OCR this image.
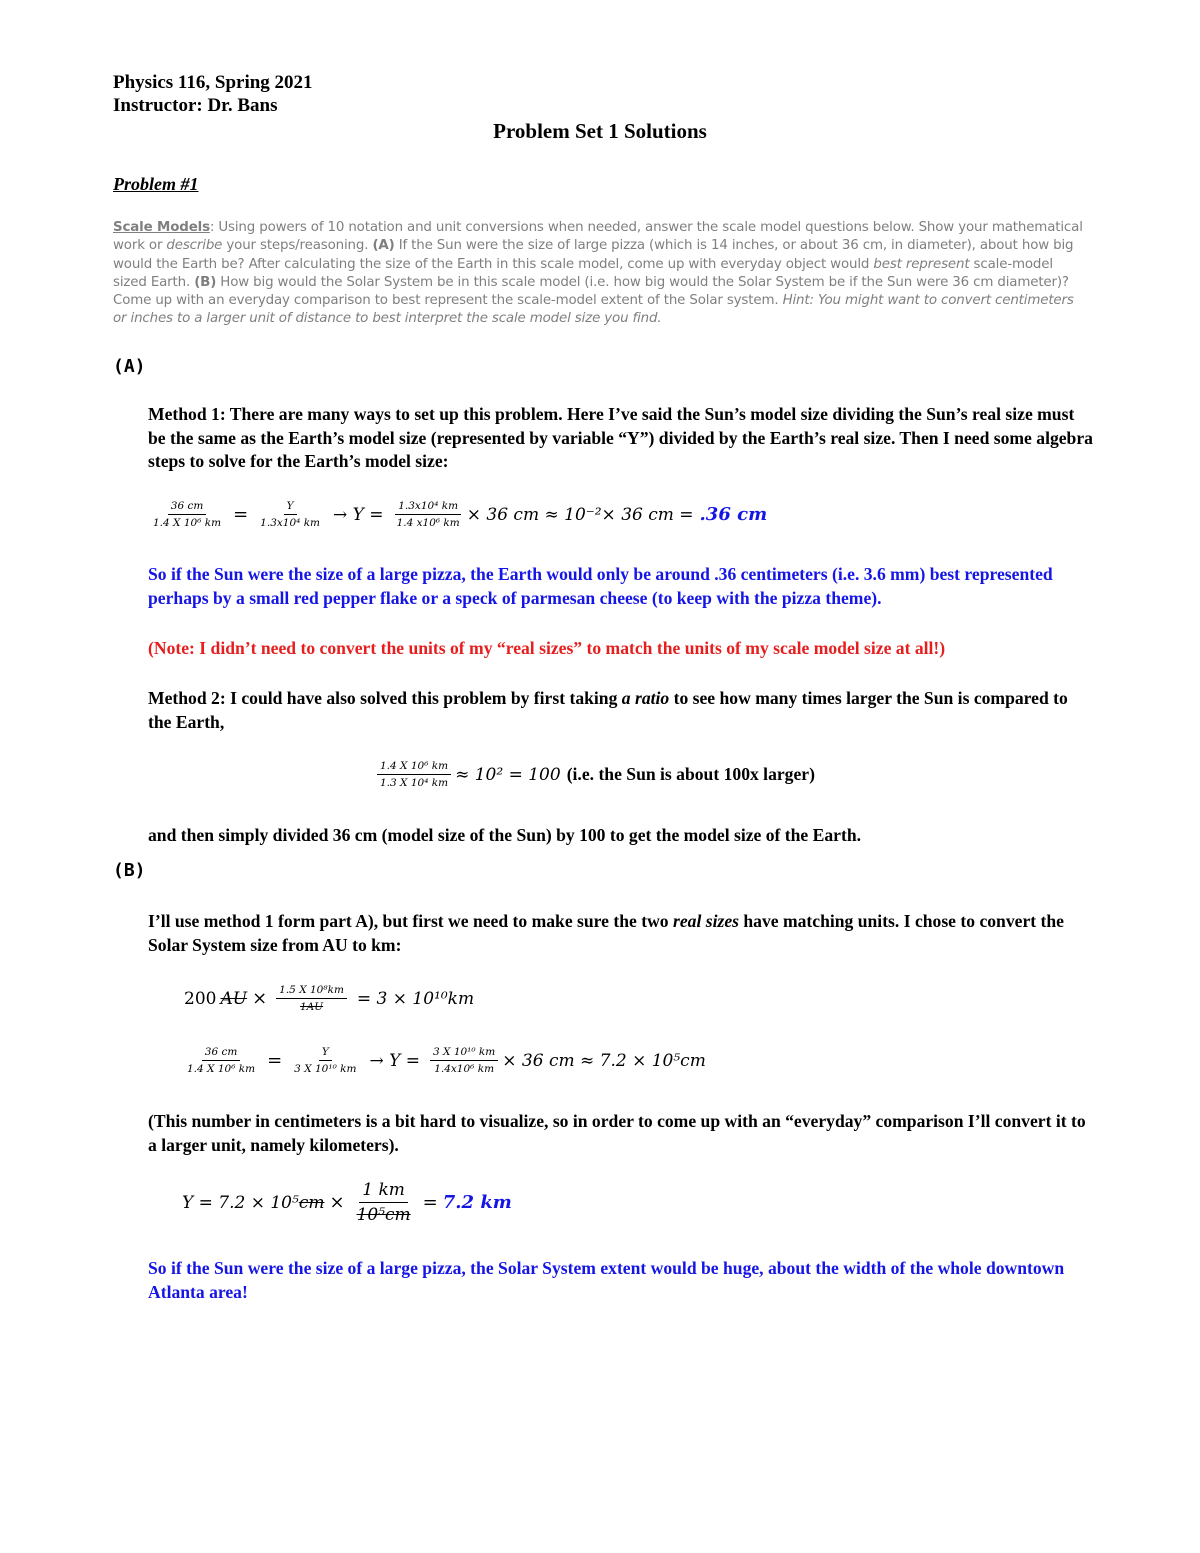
Physics 116, Spring 2021
Instructor: Dr. Bans
Problem Set 1 Solutions
Problem #1
Scale Models: Using powers of 10 notation and unit conversions when needed, answer the scale model questions below. Show your mathematical work or describe your steps/reasoning. (A) If the Sun were the size of large pizza (which is 14 inches, or about 36 cm, in diameter), about how big would the Earth be? After calculating the size of the Earth in this scale model, come up with everyday object would best represent scale-model sized Earth. (B) How big would the Solar System be in this scale model (i.e. how big would the Solar System be if the Sun were 36 cm diameter)? Come up with an everyday comparison to best represent the scale-model extent of the Solar system. Hint: You might want to convert centimeters or inches to a larger unit of distance to best interpret the scale model size you find.
(A)
Method 1: There are many ways to set up this problem. Here I’ve said the Sun’s model size dividing the Sun’s real size must be the same as the Earth’s model size (represented by variable “Y”) divided by the Earth’s real size. Then I need some algebra steps to solve for the Earth’s model size:
$\frac{36 cm}{\text{1.4 X 10⁶ km}} = \frac{Y}{\text{1.3x10⁴ km}} \to Y = \frac{\text{1.3x10⁴ km}}{\text{1.4 x10⁶ km}} \times 36$ cm ≈ 10⁻²× 36 cm = .36 cm
So if the Sun were the size of a large pizza, the Earth would only be around .36 centimeters (i.e. 3.6 mm) best represented perhaps by a small red pepper flake or a speck of parmesan cheese (to keep with the pizza theme).
(Note: I didn’t need to convert the units of my “real sizes” to match the units of my scale model size at all!)
Method 2: I could have also solved this problem by first taking a ratio to see how many times larger the Sun is compared to the Earth,
$\frac{\text{1.4 X 10⁶ km}}{\text{1.3 X 10⁴ km}} \approx 10^2 = 100$ (i.e. the Sun is about 100x larger)
and then simply divided 36 cm (model size of the Sun) by 100 to get the model size of the Earth.
(B)
I’ll use method 1 form part A), but first we need to make sure the two real sizes have matching units. I chose to convert the Solar System size from AU to km:
200 AU × $\frac{\text{1.5 X 10⁸km}}{1AU} = 3 \times 10^{10}km$
$\frac{36 cm}{\text{1.4 X 10⁶ km}} = \frac{Y}{\text{3 X 10¹⁰ km}} \to Y = \frac{\text{3 X 10¹⁰ km}}{\text{1.4x10⁶ km}} \times 36$ cm ≈ 7.2 × 10⁵cm
(This number in centimeters is a bit hard to visualize, so in order to come up with an “everyday” comparison I’ll convert it to a larger unit, namely kilometers).
Y = 7.2 × 10⁵ cm × $\frac{1 km}{\text{10⁵cm}} = 7.2$ km
So if the Sun were the size of a large pizza, the Solar System extent would be huge, about the width of the whole downtown Atlanta area!
